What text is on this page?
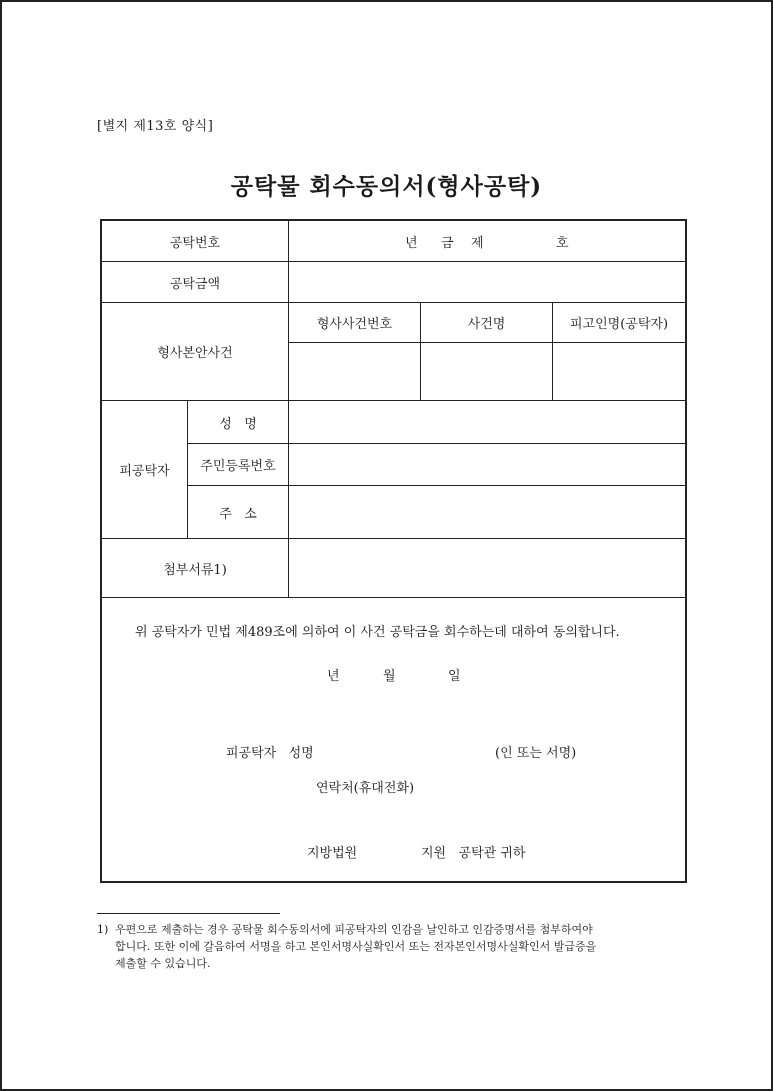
[별지 제13호 양식]
공탁물 회수동의서(형사공탁)
공탁번호	년 금 제	호
공탁금액
형사본안사건
형사사건번호	사건명	피고인명(공탁자)
피공탁자
성   명
주민등록번호
주   소
첨부서류1)
위 공탁자가 민법 제489조에 의하여 이 사건 공탁금을 회수하는데 대하여 동의합니다.
년	월	일
피공탁자   성명	(인 또는 서명)
연락처(휴대전화)
지방법원	지원   공탁관 귀하
1) 우편으로 제출하는 경우 공탁물 회수동의서에 피공탁자의 인감을 날인하고 인감증명서를 첨부하여야
합니다. 또한 이에 갈음하여 서명을 하고 본인서명사실확인서 또는 전자본인서명사실확인서 발급증을
제출할 수 있습니다.
